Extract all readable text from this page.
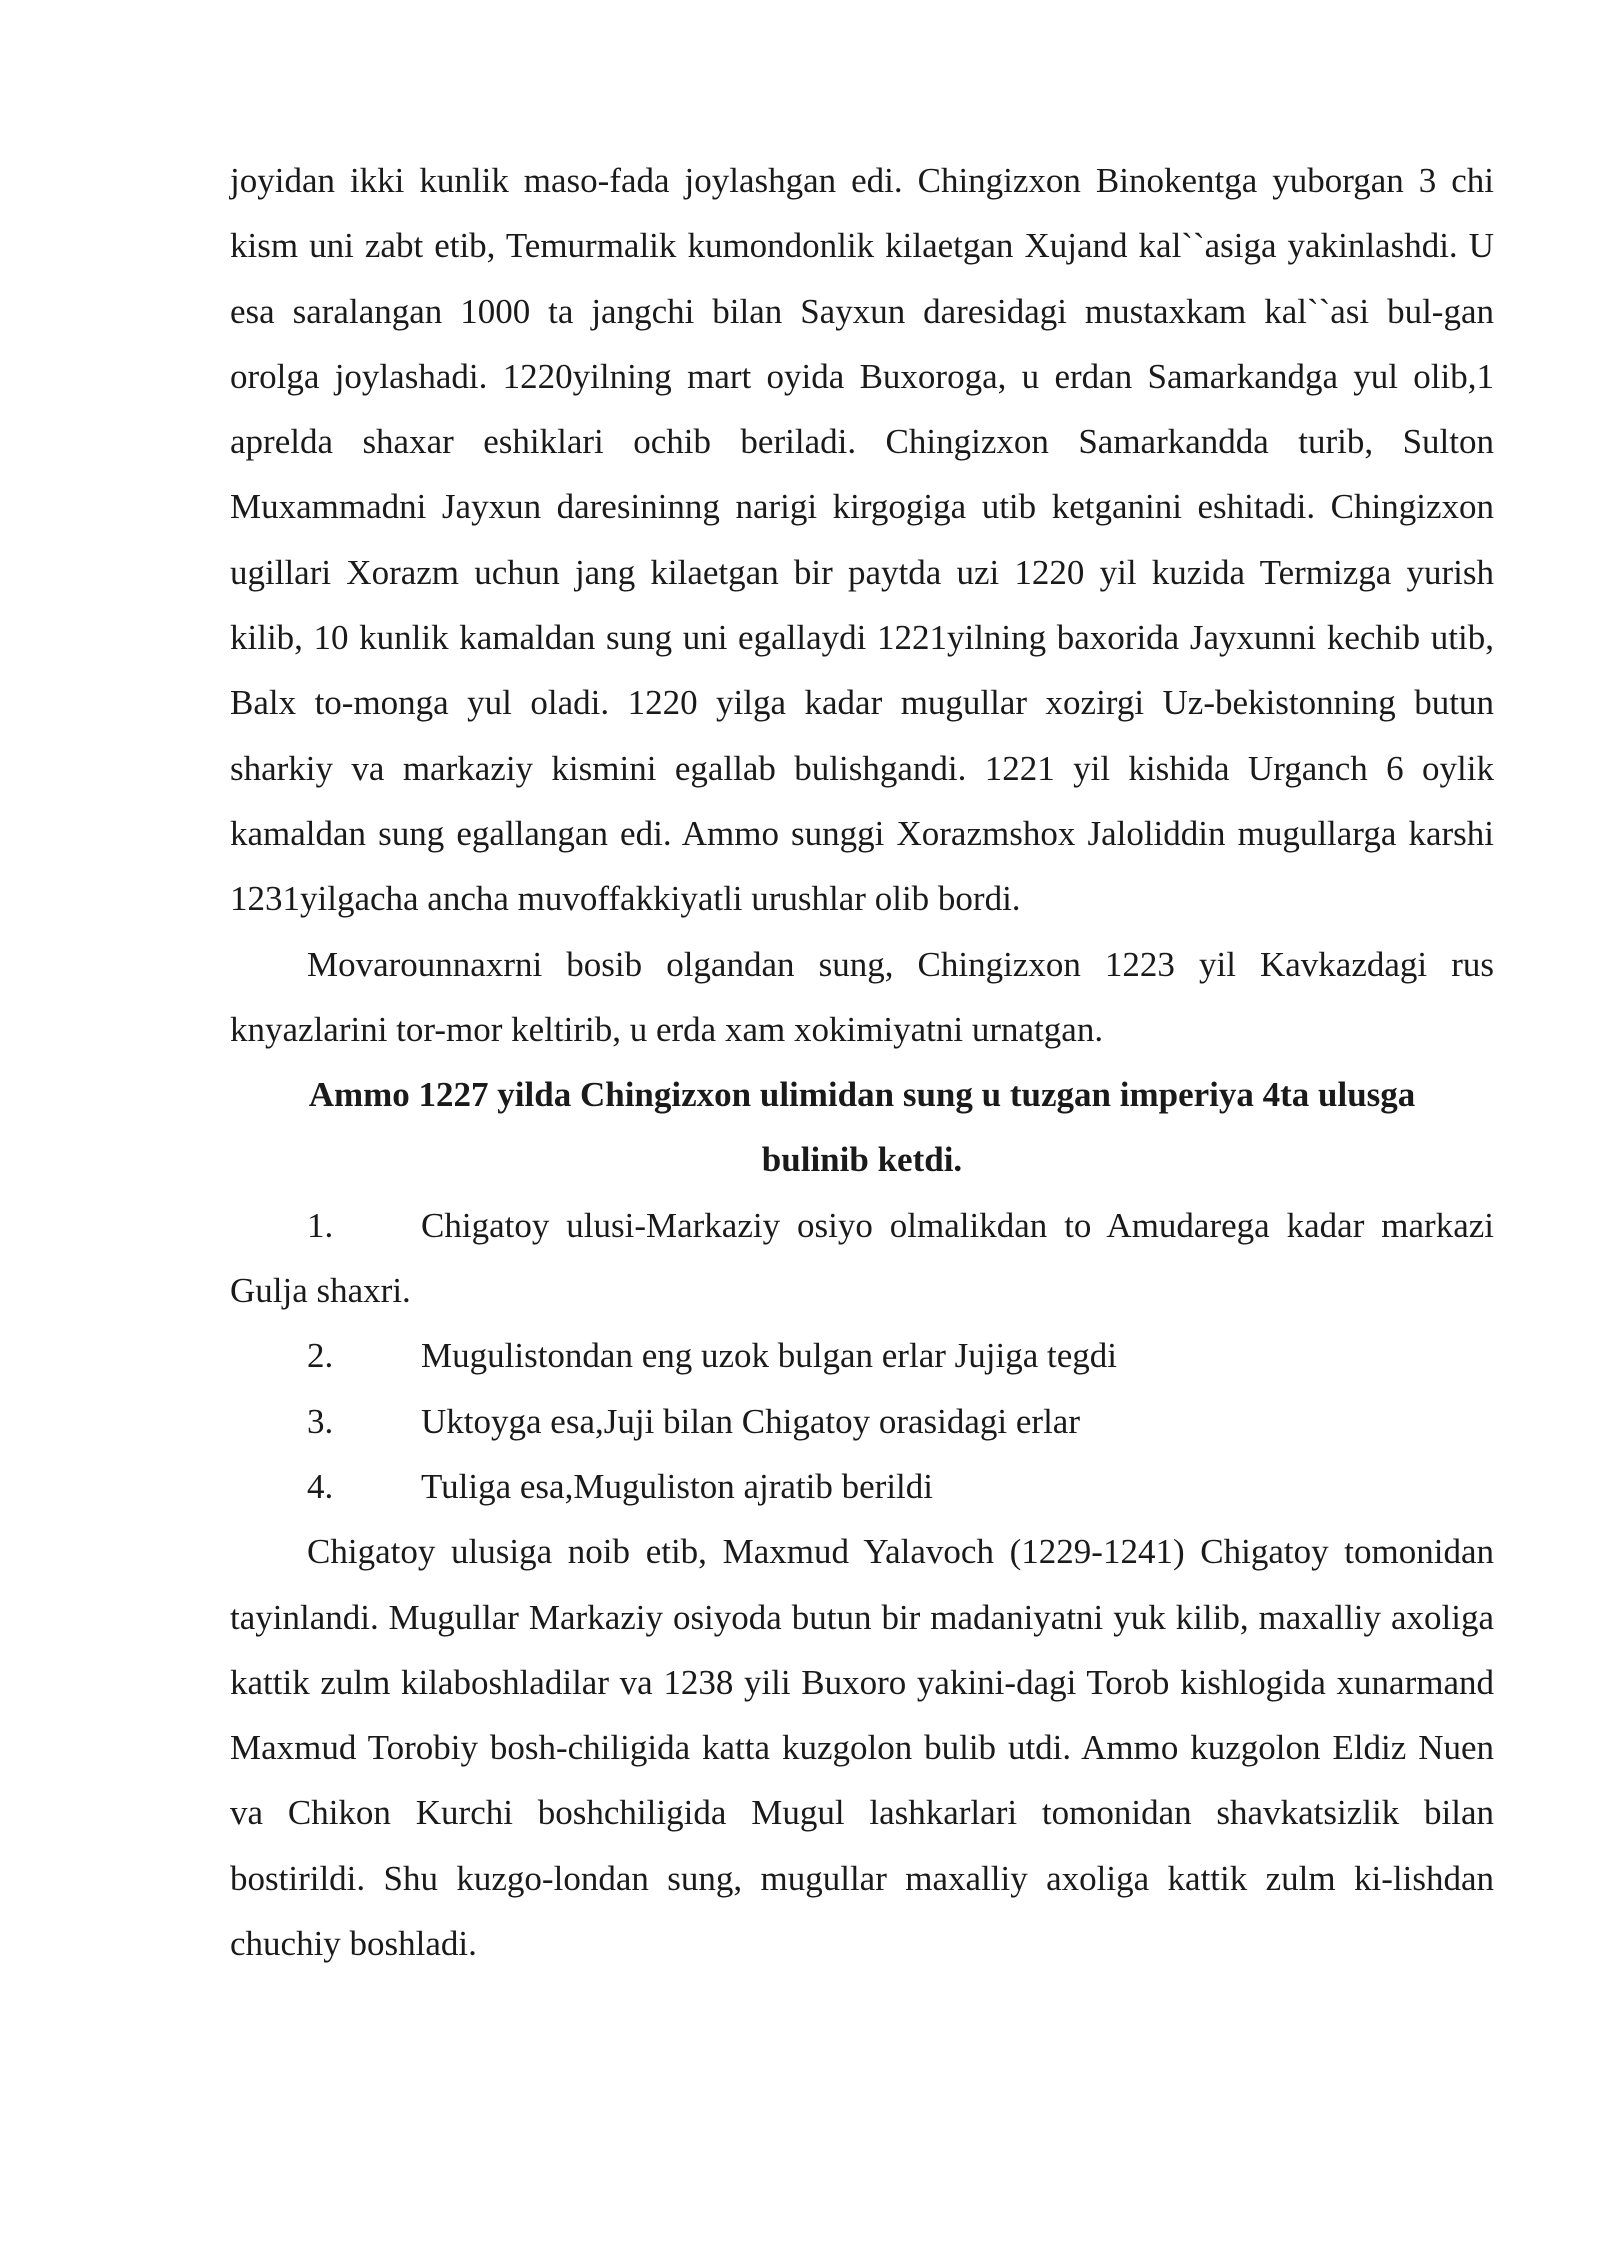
joyidan ikki kunlik maso-fada joylashgan edi. Chingizxon Binokentga yuborgan 3 chi kism uni zabt etib, Temurmalik kumondonlik kilaetgan Xujand kal``asiga yakinlashdi. U esa saralangan 1000 ta jangchi bilan Sayxun daresidagi mustaxkam kal``asi bul-gan orolga joylashadi. 1220yilning mart oyida Buxoroga, u erdan Samarkandga yul olib,1 aprelda shaxar eshiklari ochib beriladi. Chingizxon Samarkandda turib, Sulton Muxammadni Jayxun daresininng narigi kirgogiga utib ketganini eshitadi. Chingizxon ugillari Xorazm uchun jang kilaetgan bir paytda uzi 1220 yil kuzida Termizga yurish kilib, 10 kunlik kamaldan sung uni egallaydi 1221yilning baxorida Jayxunni kechib utib, Balx to-monga yul oladi. 1220 yilga kadar mugullar xozirgi Uz-bekistonning butun sharkiy va markaziy kismini egallab bulishgandi. 1221 yil kishida Urganch 6 oylik kamaldan sung egallangan edi. Ammo sunggi Xorazmshox Jaloliddin mugullarga karshi 1231yilgacha ancha muvoffakkiyatli urushlar olib bordi.

Movarounnaxrni bosib olgandan sung, Chingizxon 1223 yil Kavkazdagi rus knyazlarini tor-mor keltirib, u erda xam xokimiyatni urnatgan.

Ammo 1227 yilda Chingizxon ulimidan sung u tuzgan imperiya 4ta ulusga bulinib ketdi.

1.	Chigatoy ulusi-Markaziy osiyo olmalikdan to Amudarega kadar markazi Gulja shaxri.

2.	Mugulistondan eng uzok bulgan erlar Jujiga tegdi

3.	Uktoyga esa,Juji bilan Chigatoy orasidagi erlar

4.	Tuliga esa,Muguliston ajratib berildi

Chigatoy ulusiga noib etib, Maxmud Yalavoch (1229-1241) Chigatoy tomonidan tayinlandi. Mugullar Markaziy osiyoda butun bir madaniyatni yuk kilib, maxalliy axoliga kattik zulm kilaboshladilar va 1238 yili Buxoro yakini-dagi Torob kishlogida xunarmand Maxmud Torobiy bosh-chiligida katta kuzgolon bulib utdi. Ammo kuzgolon Eldiz Nuen va Chikon Kurchi boshchiligida Mugul lashkarlari tomonidan shavkatsizlik bilan bostirildi. Shu kuzgo-londan sung, mugullar maxalliy axoliga kattik zulm ki-lishdan chuchiy boshladi.
